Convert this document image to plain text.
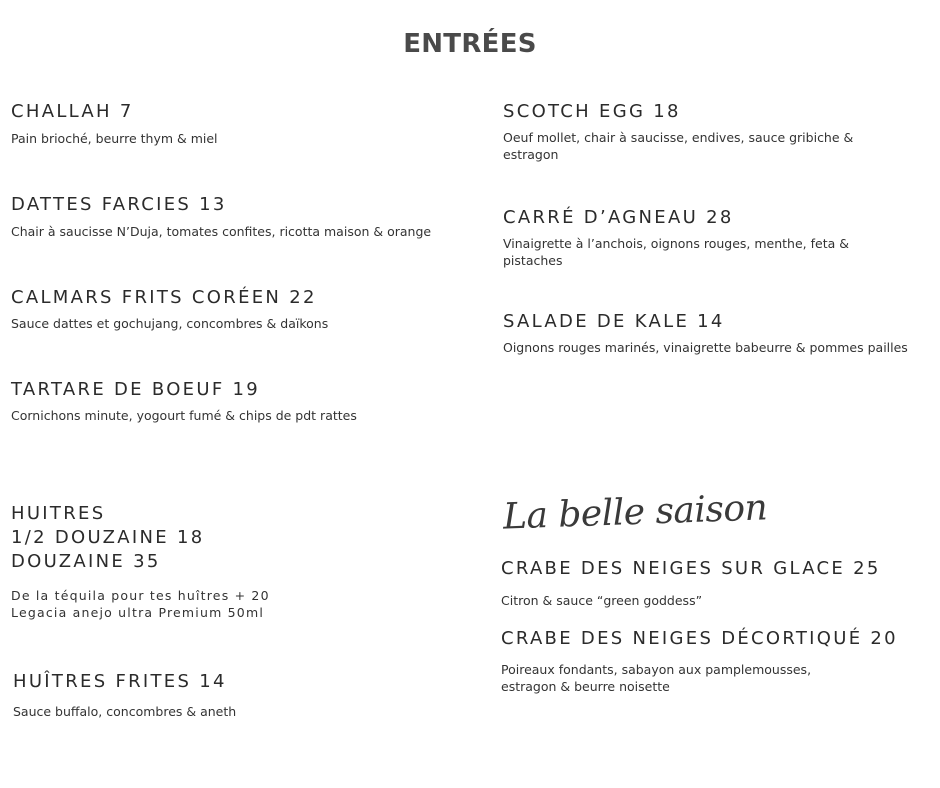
ENTRÉES
CHALLAH 7
Pain brioché, beurre thym & miel
DATTES FARCIES 13
Chair à saucisse N’Duja, tomates confites, ricotta maison & orange
CALMARS FRITS CORÉEN 22
Sauce dattes et gochujang, concombres & daïkons
TARTARE DE BOEUF 19
Cornichons minute, yogourt fumé & chips de pdt rattes
SCOTCH EGG 18
Oeuf mollet, chair à saucisse, endives, sauce gribiche & estragon
CARRÉ D’AGNEAU 28
Vinaigrette à l’anchois, oignons rouges, menthe, feta & pistaches
SALADE DE KALE 14
Oignons rouges marinés, vinaigrette babeurre & pommes pailles
HUITRES
1/2 DOUZAINE 18
DOUZAINE 35
De la téquila pour tes huîtres + 20
Legacia anejo ultra Premium 50ml
HUÎTRES FRITES 14
Sauce buffalo, concombres & aneth
La belle saison
CRABE DES NEIGES SUR GLACE 25
Citron & sauce “green goddess”
CRABE DES NEIGES DÉCORTIQUÉ 20
Poireaux fondants, sabayon aux pamplemousses,
estragon & beurre noisette
